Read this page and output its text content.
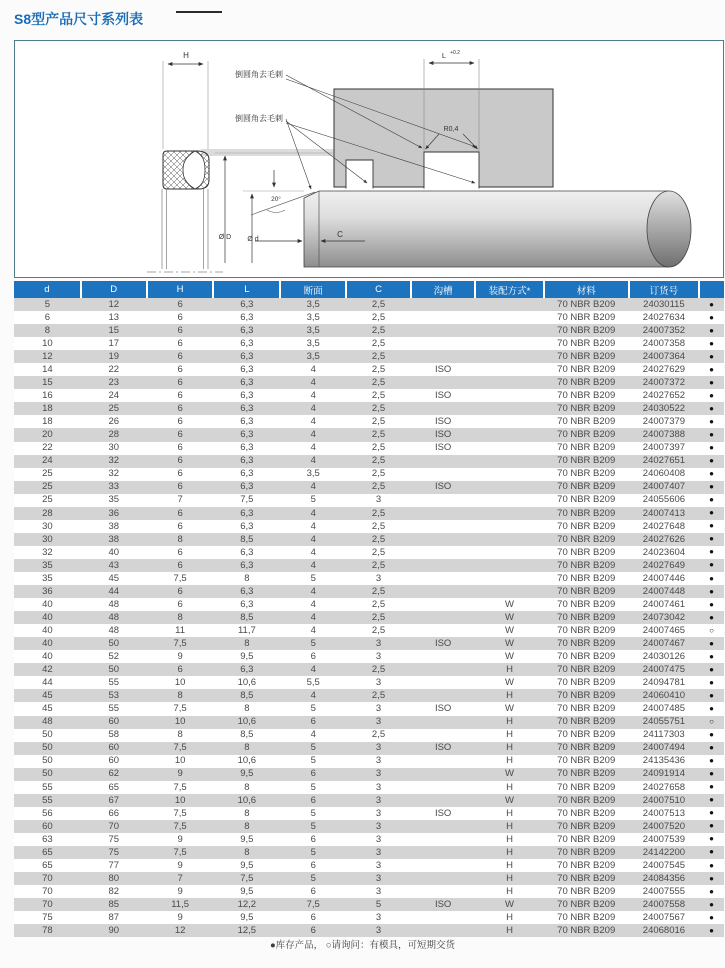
S8型产品尺寸系列表
H	L +0.2
R0,4
Ø D Ø d
20°
C
倒圆角去毛刺
倒圆角去毛刺
d	D	H	L	断面	C	沟槽	装配方式*	材料	订货号	
5	12	6	6,3	3,5	2,5			70 NBR B209	24030115	●
6	13	6	6,3	3,5	2,5			70 NBR B209	24027634	●
8	15	6	6,3	3,5	2,5			70 NBR B209	24007352	●
10	17	6	6,3	3,5	2,5			70 NBR B209	24007358	●
12	19	6	6,3	3,5	2,5			70 NBR B209	24007364	●
14	22	6	6,3	4	2,5	ISO		70 NBR B209	24027629	●
15	23	6	6,3	4	2,5			70 NBR B209	24007372	●
16	24	6	6,3	4	2,5	ISO		70 NBR B209	24027652	●
18	25	6	6,3	4	2,5			70 NBR B209	24030522	●
18	26	6	6,3	4	2,5	ISO		70 NBR B209	24007379	●
20	28	6	6,3	4	2,5	ISO		70 NBR B209	24007388	●
22	30	6	6,3	4	2,5	ISO		70 NBR B209	24007397	●
24	32	6	6,3	4	2,5			70 NBR B209	24027651	●
25	32	6	6,3	3,5	2,5			70 NBR B209	24060408	●
25	33	6	6,3	4	2,5	ISO		70 NBR B209	24007407	●
25	35	7	7,5	5	3			70 NBR B209	24055606	●
28	36	6	6,3	4	2,5			70 NBR B209	24007413	●
30	38	6	6,3	4	2,5			70 NBR B209	24027648	●
30	38	8	8,5	4	2,5			70 NBR B209	24027626	●
32	40	6	6,3	4	2,5			70 NBR B209	24023604	●
35	43	6	6,3	4	2,5			70 NBR B209	24027649	●
35	45	7,5	8	5	3			70 NBR B209	24007446	●
36	44	6	6,3	4	2,5			70 NBR B209	24007448	●
40	48	6	6,3	4	2,5		W	70 NBR B209	24007461	●
40	48	8	8,5	4	2,5		W	70 NBR B209	24073042	●
40	48	11	11,7	4	2,5		W	70 NBR B209	24007465	○
40	50	7,5	8	5	3	ISO	W	70 NBR B209	24007467	●
40	52	9	9,5	6	3		W	70 NBR B209	24030126	●
42	50	6	6,3	4	2,5		H	70 NBR B209	24007475	●
44	55	10	10,6	5,5	3		W	70 NBR B209	24094781	●
45	53	8	8,5	4	2,5		H	70 NBR B209	24060410	●
45	55	7,5	8	5	3	ISO	W	70 NBR B209	24007485	●
48	60	10	10,6	6	3		H	70 NBR B209	24055751	○
50	58	8	8,5	4	2,5		H	70 NBR B209	24117303	●
50	60	7,5	8	5	3	ISO	H	70 NBR B209	24007494	●
50	60	10	10,6	5	3		H	70 NBR B209	24135436	●
50	62	9	9,5	6	3		W	70 NBR B209	24091914	●
55	65	7,5	8	5	3		H	70 NBR B209	24027658	●
55	67	10	10,6	6	3		W	70 NBR B209	24007510	●
56	66	7,5	8	5	3	ISO	H	70 NBR B209	24007513	●
60	70	7,5	8	5	3		H	70 NBR B209	24007520	●
63	75	9	9,5	6	3		H	70 NBR B209	24007539	●
65	75	7,5	8	5	3		H	70 NBR B209	24142200	●
65	77	9	9,5	6	3		H	70 NBR B209	24007545	●
70	80	7	7,5	5	3		H	70 NBR B209	24084356	●
70	82	9	9,5	6	3		H	70 NBR B209	24007555	●
70	85	11,5	12,2	7,5	5	ISO	W	70 NBR B209	24007558	●
75	87	9	9,5	6	3		H	70 NBR B209	24007567	●
78	90	12	12,5	6	3		H	70 NBR B209	24068016	●
●库存产品， ○请询问：有模具，可短期交货
